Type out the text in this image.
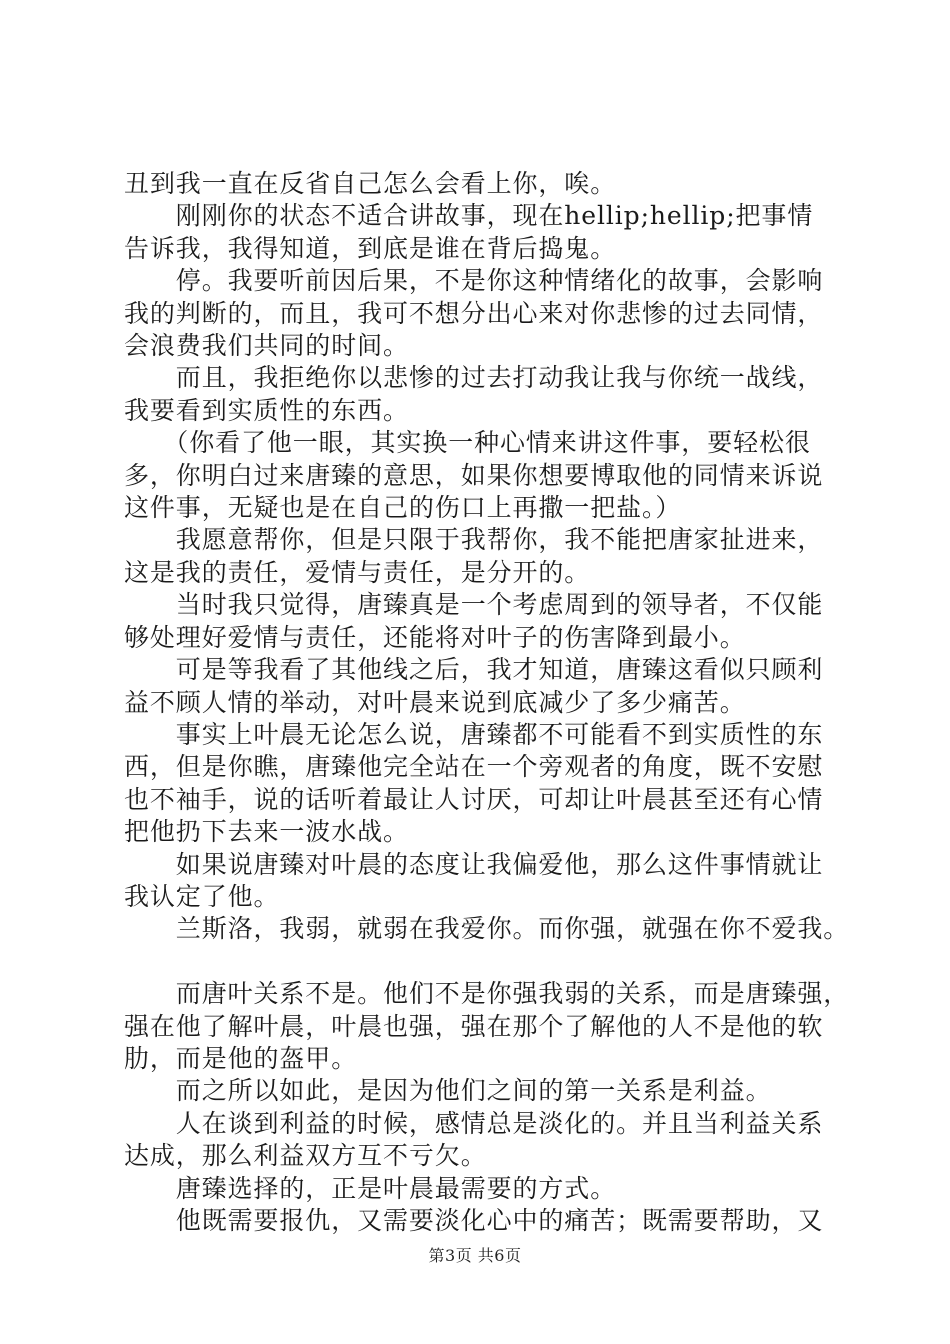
丑到我一直在反省自己怎么会看上你，唉。

　　刚刚你的状态不适合讲故事，现在hellip;hellip;把事情

告诉我，我得知道，到底是谁在背后捣鬼。

　　停。我要听前因后果，不是你这种情绪化的故事，会影响

我的判断的，而且，我可不想分出心来对你悲惨的过去同情，

会浪费我们共同的时间。

　　而且，我拒绝你以悲惨的过去打动我让我与你统一战线，

我要看到实质性的东西。

　　（你看了他一眼，其实换一种心情来讲这件事，要轻松很

多，你明白过来唐臻的意思，如果你想要博取他的同情来诉说

这件事，无疑也是在自己的伤口上再撒一把盐。）

　　我愿意帮你，但是只限于我帮你，我不能把唐家扯进来，

这是我的责任，爱情与责任，是分开的。

　　当时我只觉得，唐臻真是一个考虑周到的领导者，不仅能

够处理好爱情与责任，还能将对叶子的伤害降到最小。

　　可是等我看了其他线之后，我才知道，唐臻这看似只顾利

益不顾人情的举动，对叶晨来说到底减少了多少痛苦。

　　事实上叶晨无论怎么说，唐臻都不可能看不到实质性的东

西，但是你瞧，唐臻他完全站在一个旁观者的角度，既不安慰

也不袖手，说的话听着最让人讨厌，可却让叶晨甚至还有心情

把他扔下去来一波水战。

　　如果说唐臻对叶晨的态度让我偏爱他，那么这件事情就让

我认定了他。

　　兰斯洛，我弱，就弱在我爱你。而你强，就强在你不爱我。

　　而唐叶关系不是。他们不是你强我弱的关系，而是唐臻强，

强在他了解叶晨，叶晨也强，强在那个了解他的人不是他的软

肋，而是他的盔甲。

　　而之所以如此，是因为他们之间的第一关系是利益。

　　人在谈到利益的时候，感情总是淡化的。并且当利益关系

达成，那么利益双方互不亏欠。

　　唐臻选择的，正是叶晨最需要的方式。

　　他既需要报仇，又需要淡化心中的痛苦；既需要帮助，又

第3页 共6页
